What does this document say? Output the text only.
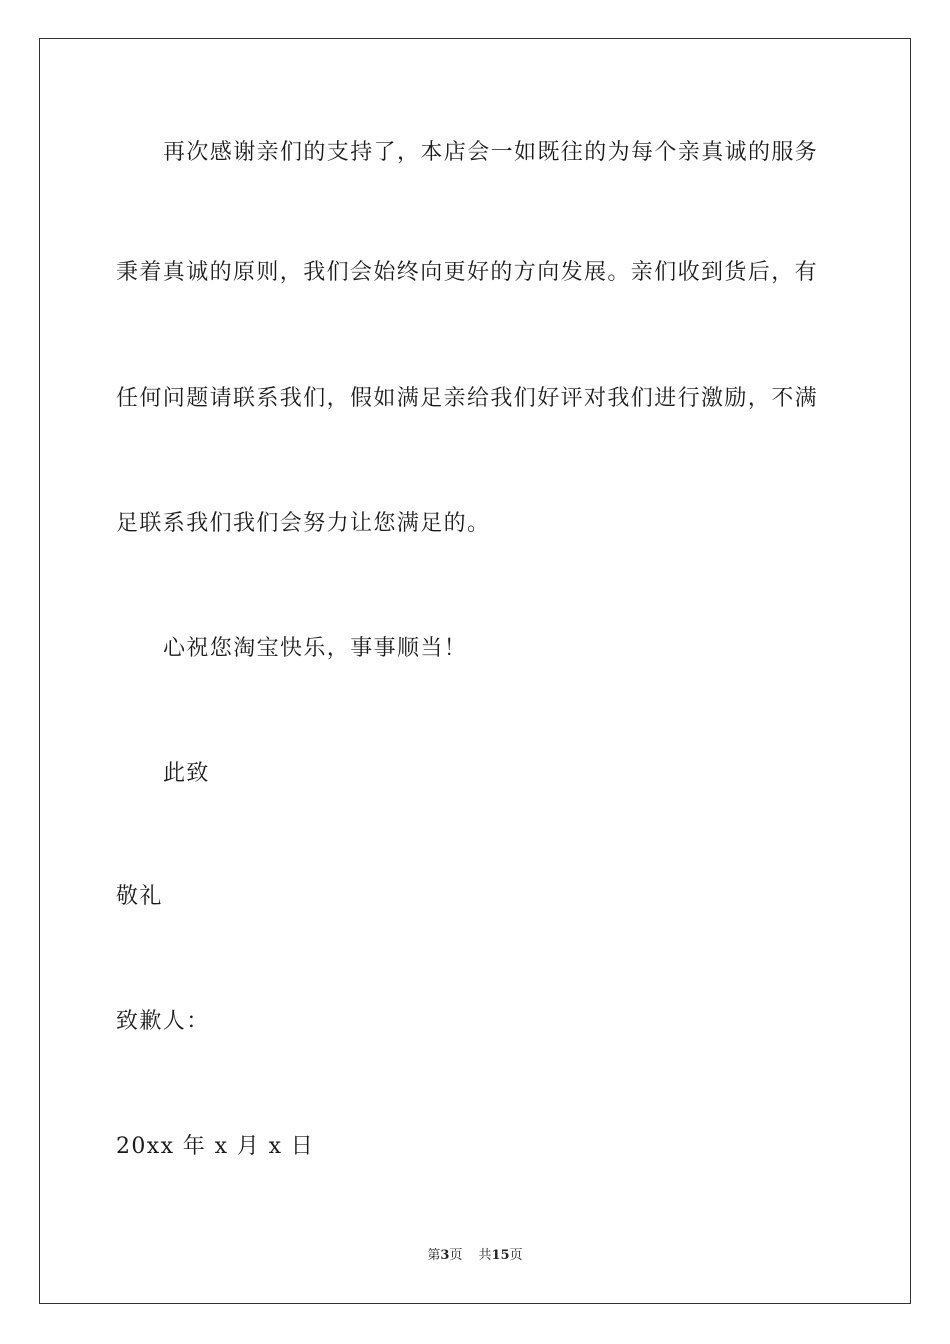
再次感谢亲们的支持了，本店会一如既往的为每个亲真诚的服务
秉着真诚的原则，我们会始终向更好的方向发展。亲们收到货后，有
任何问题请联系我们，假如满足亲给我们好评对我们进行激励，不满
足联系我们我们会努力让您满足的。
心祝您淘宝快乐，事事顺当！
此致
敬礼
致歉人：
20xx 年 x 月 x 日
第3页 共15页
